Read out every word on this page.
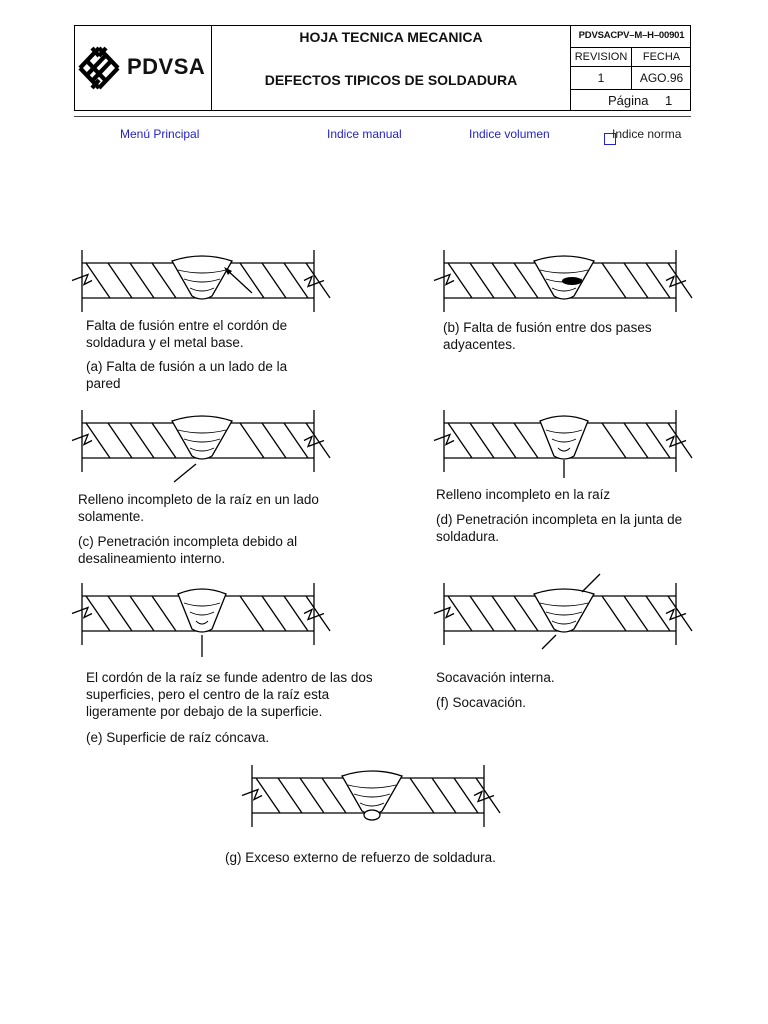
PDVSA
HOJA TECNICA MECANICA
DEFECTOS TIPICOS DE SOLDADURA
PDVSACPV–M–H–00901
REVISION	FECHA
1	AGO.96
Página 1
Menú Principal	Indice manual	Indice volumen	Indice norma
Falta de fusión entre el cordón de soldadura y el metal base.
(a) Falta de fusión a un lado de la pared
(b) Falta de fusión entre dos pases adyacentes.
Relleno incompleto de la raíz en un lado solamente.
(c) Penetración incompleta debido al desalineamiento interno.
Relleno incompleto en la raíz
(d) Penetración incompleta en la junta de soldadura.
El cordón de la raíz se funde adentro de las dos superficies, pero el centro de la raíz esta ligeramente por debajo de la superficie.
(e) Superficie de raíz cóncava.
Socavación interna.
(f) Socavación.
(g) Exceso externo de refuerzo de soldadura.
